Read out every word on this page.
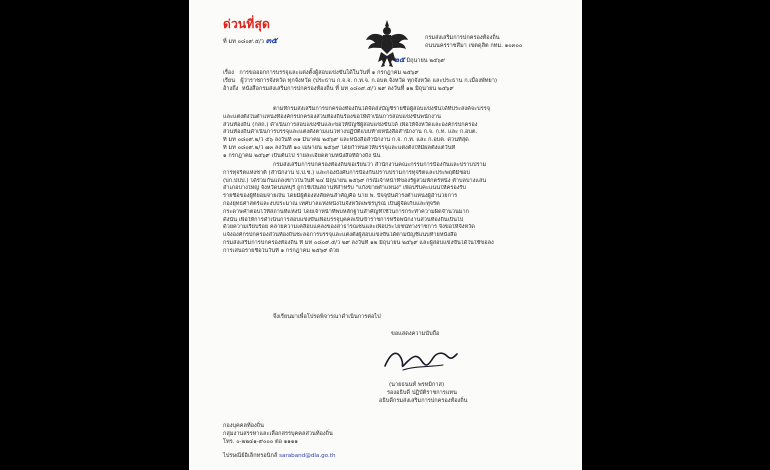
ด่วนที่สุด
ที่ มท ๐๘๐๙.๕/ว ๓๕	กรมส่งเสริมการปกครองท้องถิ่น
ถนนนครราชสีมา เขตดุสิต กทม. ๑๐๓๐๐
๒๕ มิถุนายน ๒๕๖๙
เรื่อง การขอออกการบรรจุและแต่งตั้งผู้สอบแข่งขันได้ในวันที่ ๑ กรกฎาคม ๒๕๖๙
เรียน ผู้ว่าราชการจังหวัด ทุกจังหวัด (ประธาน ก.จ.จ. ก.ท.จ. ก.อบต.จังหวัด ทุกจังหวัด และประธาน ก.เมืองพัทยา)
อ้างถึง หนังสือกรมส่งเสริมการปกครองท้องถิ่น ที่ มท ๐๘๐๙.๕/ว ๒๙ ลงวันที่ ๑๒ มิถุนายน ๒๕๖๙
ตามที่กรมส่งเสริมการปกครองท้องถิ่นได้จัดส่งบัญชีรายชื่อผู้สอบแข่งขันได้ที่ประสงค์จะบรรจุ
และแต่งตั้งในตำแหน่งที่องค์กรปกครองส่วนท้องถิ่นร้องขอให้ดำเนินการสอบแข่งขันพนักงาน
ส่วนท้องถิ่น (กสถ.) ดำเนินการสอบแข่งขันและขอให้บัญชีผู้สอบแข่งขันได้ เพื่อให้จังหวัดและองค์กรปกครอง
ส่วนท้องถิ่นดำเนินการบรรจุและแต่งตั้งตามแนวทางปฏิบัติแบบท้ายหนังสือสำนักงาน ก.จ. ก.ท. และ ก.อบต.
ที่ มท ๐๘๐๙.๒/ว ๕๖ ลงวันที่ ๓๑ มีนาคม ๒๕๖๙ และหนังสือสำนักงาน ก.จ. ก.ท. และ ก.อบต. ด่วนที่สุด
ที่ มท ๐๘๐๙.๒/ว ๗๓ ลงวันที่ ๑๐ เมษายน ๒๕๖๙ โดยกำหนดให้บรรจุและแต่งตั้งให้มีผลตั้งแต่วันที่
๑ กรกฎาคม ๒๕๖๙ เป็นต้นไป รายละเอียดตามหนังสือที่อ้างถึง นั้น
กรมส่งเสริมการปกครองท้องถิ่นขอเรียนว่า สำนักงานคณะกรรมการป้องกันและปราบปราม
การทุจริตแห่งชาติ (สำนักงาน ป.ป.ช.) และกองบังคับการป้องกันปราบปรามการทุจริตและประพฤติมิชอบ
(บก.ปปป.) ได้ร่วมกันแถลงข่าวในวันที่ ๒๔ มิถุนายน ๒๕๖๙ กรณีเจ้าหน้าที่ของรัฐสวมพักตร์หนึ่ง ตำบลบางแสน
อำเภอบางใหญ่ จังหวัดนนทบุรี ถูกใช้เป็นสถานที่สำหรับ "แก๊งขายตำแหน่ง" เพื่อปรับคะแนนให้ครองรับ
รายชื่อของผู้ที่ยอมจ่ายเงิน โดยมีผู้ต้องสงสัยคนสำคัญคือ นาย พ. ปัจจุบันดำรงตำแหน่งผู้อำนวยการ
กองยุทธศาสตร์และงบประมาณ เทศบาลแห่งหนึ่งในจังหวัดเพชรบูรณ์ เป็นผู้จัดเก็บและทุจริต
กระดาษคำตอบไว้ที่สถานที่แห่งนี้ โดยเจ้าหน้าที่พบหลักฐานสำคัญที่ใช้ในการกระทำความผิดจำนวนมาก
ดังนั้น เพื่อให้การดำเนินการสอบแข่งขันเพื่อบรรจุบุคคลเป็นข้าราชการหรือพนักงานส่วนท้องถิ่นเป็นไป
ด้วยความเรียบร้อย คลายความเคลือบแคลงของสาธารณชนและเพื่อประโยชน์ทางราชการ จึงขอให้จังหวัด
แจ้งองค์กรปกครองส่วนท้องถิ่นชะลอการบรรจุและแต่งตั้งผู้สอบแข่งขันได้ตามบัญชีแนบท้ายหนังสือ
กรมส่งเสริมการปกครองท้องถิ่น ที่ มท ๐๘๐๙.๕/ว ๒๙ ลงวันที่ ๑๒ มิถุนายน ๒๕๖๙ และผู้สอบแข่งขันได้ในใช้ขอลง
การเสนอรายชื่อในวันที่ ๑ กรกฎาคม ๒๕๖๙ ด้วย
จึงเรียนมาเพื่อโปรดพิจารณาดำเนินการต่อไป
ขอแสดงความนับถือ
(นายธนนท์ พรหมิกาส)
รองอธิบดี ปฏิบัติราชการแทน
อธิบดีกรมส่งเสริมการปกครองท้องถิ่น
กองบุคคลท้องถิ่น
กลุ่มงานสรรหาและเลือกสรรบุคคลส่วนท้องถิ่น
โทร. ๐-๒๒๔๑-๙๐๐๐ ต่อ ๑๑๑๑
ไปรษณีย์อิเล็กทรอนิกส์ saraband@dla.go.th
